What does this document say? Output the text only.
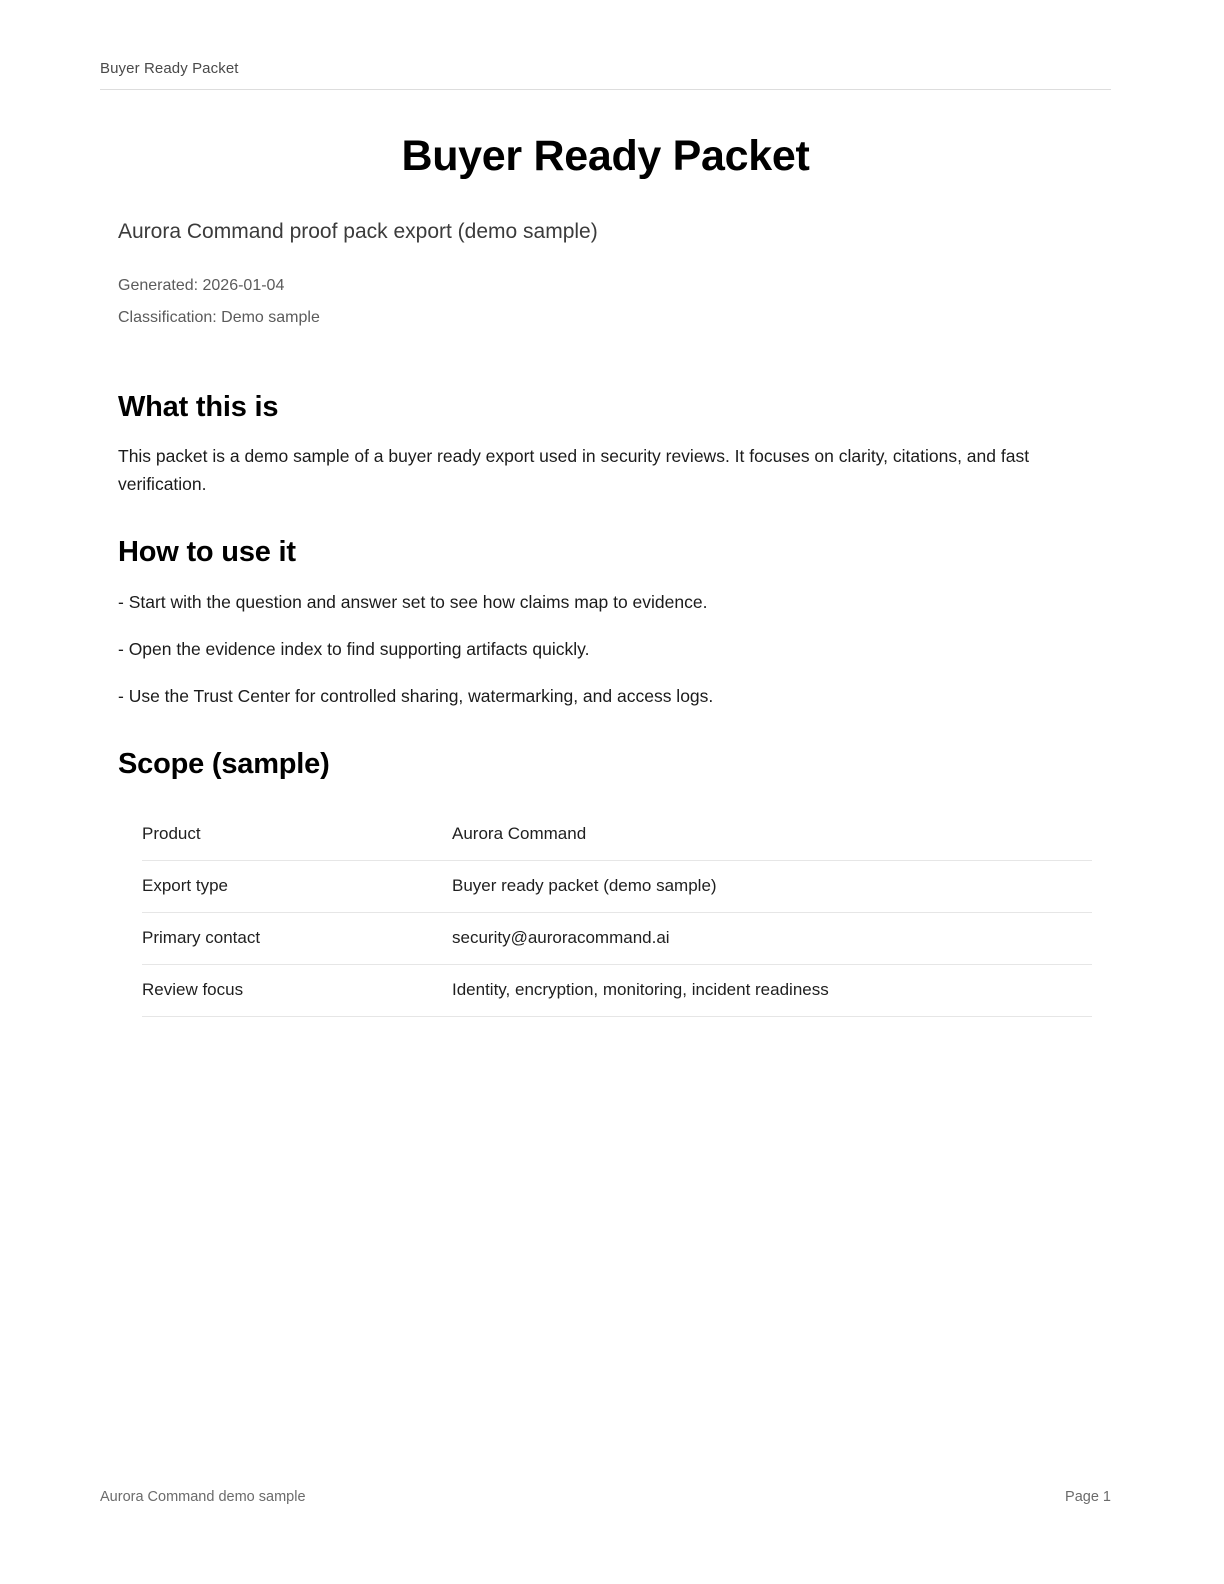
Buyer Ready Packet
Buyer Ready Packet
Aurora Command proof pack export (demo sample)
Generated: 2026-01-04
Classification: Demo sample
What this is

This packet is a demo sample of a buyer ready export used in security reviews. It focuses on clarity, citations, and fast verification.

How to use it

- Start with the question and answer set to see how claims map to evidence.

- Open the evidence index to find supporting artifacts quickly.

- Use the Trust Center for controlled sharing, watermarking, and access logs.

Scope (sample)
Product	Aurora Command
Export type	Buyer ready packet (demo sample)
Primary contact	security@auroracommand.ai
Review focus	Identity, encryption, monitoring, incident readiness
Aurora Command demo sample	Page 1
